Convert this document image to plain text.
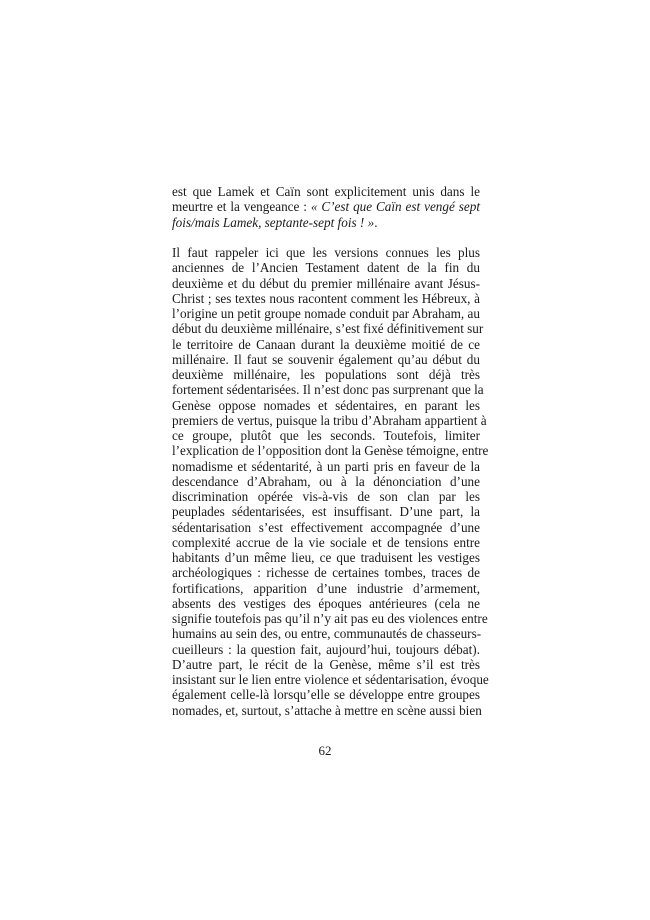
est que Lamek et Caïn sont explicitement unis dans le
meurtre et la vengeance : « C’est que Caïn est vengé sept
fois/mais Lamek, septante-sept fois ! ».
Il faut rappeler ici que les versions connues les plus
anciennes de l’Ancien Testament datent de la fin du
deuxième et du début du premier millénaire avant Jésus-
Christ ; ses textes nous racontent comment les Hébreux, à
l’origine un petit groupe nomade conduit par Abraham, au
début du deuxième millénaire, s’est fixé définitivement sur
le territoire de Canaan durant la deuxième moitié de ce
millénaire. Il faut se souvenir également qu’au début du
deuxième millénaire, les populations sont déjà très
fortement sédentarisées. Il n’est donc pas surprenant que la
Genèse oppose nomades et sédentaires, en parant les
premiers de vertus, puisque la tribu d’Abraham appartient à
ce groupe, plutôt que les seconds. Toutefois, limiter
l’explication de l’opposition dont la Genèse témoigne, entre
nomadisme et sédentarité, à un parti pris en faveur de la
descendance d’Abraham, ou à la dénonciation d’une
discrimination opérée vis-à-vis de son clan par les
peuplades sédentarisées, est insuffisant. D’une part, la
sédentarisation s’est effectivement accompagnée d’une
complexité accrue de la vie sociale et de tensions entre
habitants d’un même lieu, ce que traduisent les vestiges
archéologiques : richesse de certaines tombes, traces de
fortifications, apparition d’une industrie d’armement,
absents des vestiges des époques antérieures (cela ne
signifie toutefois pas qu’il n’y ait pas eu des violences entre
humains au sein des, ou entre, communautés de chasseurs-
cueilleurs : la question fait, aujourd’hui, toujours débat).
D’autre part, le récit de la Genèse, même s’il est très
insistant sur le lien entre violence et sédentarisation, évoque
également celle-là lorsqu’elle se développe entre groupes
nomades, et, surtout, s’attache à mettre en scène aussi bien
62
